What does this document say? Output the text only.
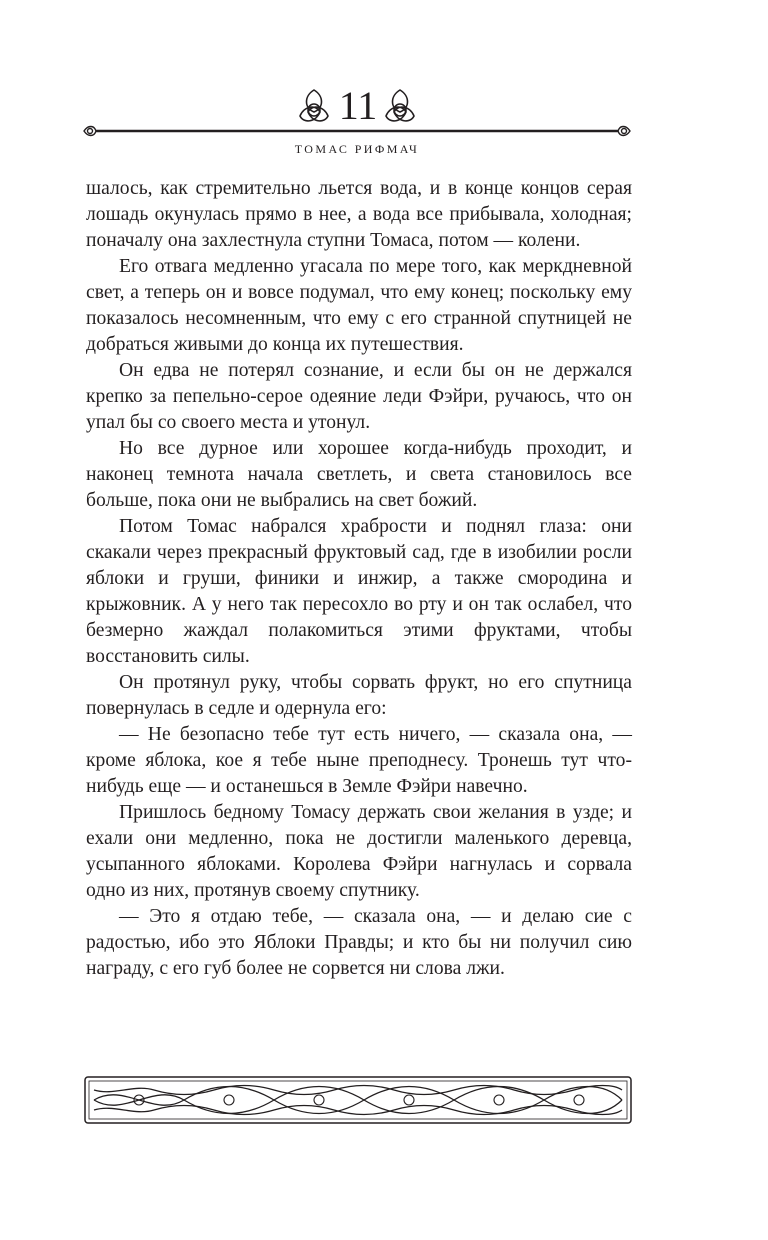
11
ТОМАС РИФМАЧ

шалось, как стремительно льется вода, и в конце концов серая лошадь окунулась прямо в нее, а вода все прибывала, холодная; поначалу она захлестнула ступни Томаса, потом — колени.

Его отвага медленно угасала по мере того, как меркдневной свет, а теперь он и вовсе подумал, что ему конец; поскольку ему показалось несомненным, что ему с его странной спутницей не добраться живыми до конца их путешествия.

Он едва не потерял сознание, и если бы он не держался крепко за пепельно-серое одеяние леди Фэйри, ручаюсь, что он упал бы со своего места и утонул.

Но все дурное или хорошее когда-нибудь проходит, и наконец темнота начала светлеть, и света становилось все больше, пока они не выбрались на свет божий.

Потом Томас набрался храбрости и поднял глаза: они скакали через прекрасный фруктовый сад, где в изобилии росли яблоки и груши, финики и инжир, а также смородина и крыжовник. А у него так пересохло во рту и он так ослабел, что безмерно жаждал полакомиться этими фруктами, чтобы восстановить силы.

Он протянул руку, чтобы сорвать фрукт, но его спутница повернулась в седле и одернула его:

— Не безопасно тебе тут есть ничего, — сказала она, — кроме яблока, кое я тебе ныне преподнесу. Тронешь тут что-нибудь еще — и останешься в Земле Фэйри навечно.

Пришлось бедному Томасу держать свои желания в узде; и ехали они медленно, пока не достигли маленького деревца, усыпанного яблоками. Королева Фэйри нагнулась и сорвала одно из них, протянув своему спутнику.

— Это я отдаю тебе, — сказала она, — и делаю сие с радостью, ибо это Яблоки Правды; и кто бы ни получил сию награду, с его губ более не сорвется ни слова лжи.
